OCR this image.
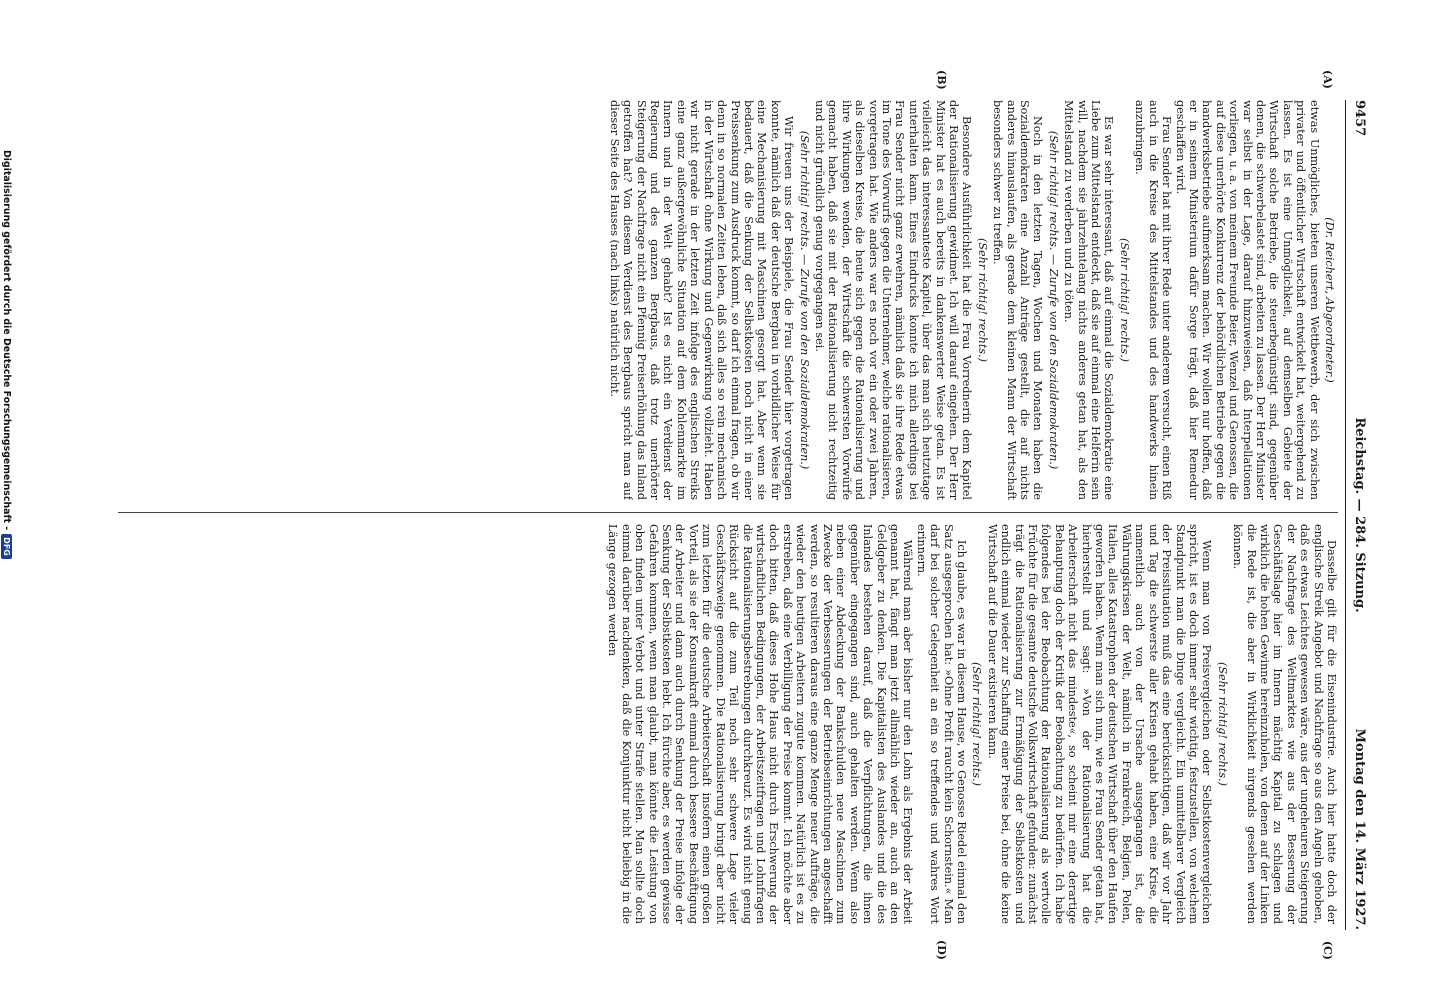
9457
Reichstag. — 284. Sitzung.
Montag den 14. März 1927.
(A)
(B)
(C)
(D)

(Dr. Reichert, Abgeordneter.)

etwas Unmögliches, bieten unseren Wettbewerb, der sich zwischen privater und öffentlicher Wirtschaft entwickelt hat, weitergehend zu lassen. Es ist eine Unmöglichkeit, auf demselben Gebiete der Wirtschaft solche Betriebe, die steuerbegünstigt sind, gegenüber denen, die schwerbelastet sind, arbeiten zu lassen. Der Herr Minister war selbst in der Lage, darauf hinzuweisen, daß Interpellationen vorliegen, u. a. von meinem Freunde Beier, Wenzel und Genossen, die auf diese unerhörte Konkurrenz der behördlichen Betriebe gegen die handwerksbetriebe aufmerksam machen. Wir wollen nur hoffen, daß er in seinem Ministerium dafür Sorge trägt, daß hier Remedur geschaffen wird.

Frau Sender hat mit ihrer Rede unter anderem versucht, einen Riß auch in die Kreise des Mittelstandes und des handwerks hinein anzubringen.

(Sehr richtig! rechts.)

Es war sehr interessant, daß auf einmal die Sozialdemokratie eine Liebe zum Mittelstand entdeckt, daß sie auf einmal eine Helferin sein will, nachdem sie jahrzehntelang nichts anderes getan hat, als den Mittelstand zu verderben und zu töten.

(Sehr richtig! rechts. — Zurufe von den Sozialdemokraten.)

Noch in den letzten Tagen, Wochen und Monaten haben die Sozialdemokraten eine Anzahl Anträge gestellt, die auf nichts anderes hinauslaufen, als gerade dem kleinen Mann der Wirtschaft besonders schwer zu treffen.

(Sehr richtig! rechts.)

Besondere Ausführlichkeit hat die Frau Vorrednerin dem Kapitel der Rationalisierung gewidmet. Ich will darauf eingehen. Der Herr Minister hat es auch bereits in dankenswerter Weise getan. Es ist vielleicht das interessanteste Kapitel, über das man sich heutzutage unterhalten kann. Eines Eindrucks konnte ich mich allerdings bei Frau Sender nicht ganz erwehren, nämlich daß sie ihre Rede etwas im Tone des Vorwurfs gegen die Unternehmer, welche rationalisieren, vorgetragen hat. Wie anders war es noch vor ein oder zwei Jahren, als dieselben Kreise, die heute sich gegen die Rationalisierung und ihre Wirkungen wenden, der Wirtschaft die schwersten Vorwürfe gemacht haben, daß sie mit der Rationalisierung nicht rechtzeitig und nicht gründlich genug vorgegangen sei.

(Sehr richtig! rechts. — Zurufe von den Sozialdemokraten.)

Wir freuen uns der Beispiele, die Frau Sender hier vorgetragen konnte, nämlich daß der deutsche Bergbau in vorbildlicher Weise für eine Mechanisierung mit Maschinen gesorgt hat. Aber wenn sie bedauert, daß die Senkung der Selbstkosten noch nicht in einer Preissenkung zum Ausdruck kommt, so darf ich einmal fragen, ob wir denn in so normalen Zeiten leben, daß sich alles so rein mechanisch in der Wirtschaft ohne Wirkung und Gegenwirkung vollzieht. Haben wir nicht gerade in der letzten Zeit infolge des englischen Streiks eine ganz außergewöhnliche Situation auf dem Kohlenmarkte im Innern und in der Welt gehabt? Ist es nicht ein Verdienst der Regierung und des ganzen Bergbaus, daß trotz unerhörter Steigerung der Nachfrage nicht ein Pfennig Preiserhöhung das Inland getroffen hat? Von diesem Verdienst des Bergbaus spricht man auf dieser Seite des Hauses (nach links) natürlich nicht.

Dasselbe gilt für die Eisenindustrie. Auch hier hatte doch der englische Streik Angebot und Nachfrage so aus den Angeln gehoben, daß es etwas Leichtes gewesen wäre, aus der ungeheuren Steigerung der Nachfrage des Weltmarktes wie aus der Besserung der Geschäftslage hier im Innern mächtig Kapital zu schlagen und wirklich die hohen Gewinne hereinzuholen, von denen auf der Linken die Rede ist, die aber in Wirklichkeit nirgends gesehen werden können.

(Sehr richtig! rechts.)

Wenn man von Preisvergleichen oder Selbstkostenvergleichen spricht, ist es doch immer sehr wichtig, festzustellen, von welchem Standpunkt man die Dinge vergleicht. Ein unmittelbarer Vergleich der Preissituation muß das eine berücksichtigen, daß wir vor Jahr und Tag die schwerste aller Krisen gehabt haben, eine Krise, die namentlich auch von der Ursache ausgegangen ist, die Währungskrisen der Welt, nämlich in Frankreich, Belgien, Polen, Italien, alles Katastrophen der deutschen Wirtschaft über den Haufen geworfen haben. Wenn man sich nun, wie es Frau Sender getan hat, hierherstellt und sagt: »Von der Rationalisierung hat die Arbeiterschaft nicht das mindeste«, so scheint mir eine derartige Behauptung doch der Kritik der Beobachtung zu bedürfen. Ich habe folgendes bei der Beobachtung der Rationalisierung als wertvolle Früchte für die gesamte deutsche Volkswirtschaft gefunden: zunächst trägt die Rationalisierung zur Ermäßigung der Selbstkosten und endlich einmal wieder zur Schaffung einer Preise bei, ohne die keine Wirtschaft auf die Dauer existieren kann.

(Sehr richtig! rechts.)

Ich glaube, es war in diesem Hause, wo Genosse Riedel einmal den Satz ausgesprochen hat: »Ohne Profit raucht kein Schornstein.« Man darf bei solcher Gelegenheit an ein so treffendes und wahres Wort erinnern.

Während man aber bisher nur den Lohn als Ergebnis der Arbeit genannt hat, fängt man jetzt allmählich wieder an, auch an den Geldgeber zu denken. Die Kapitalisten des Auslandes und die des Inlandes bestehen darauf, daß die Verpflichtungen, die ihnen gegenüber eingegangen sind, auch gehalten werden. Wenn also neben einer Abdeckung der Bankschulden neue Maschinen zum Zwecke der Verbesserungen der Betriebseinrichtungen angeschafft werden, so resultieren daraus eine ganze Menge neuer Aufträge, die wieder den heutigen Arbeitern zugute kommen. Natürlich ist es zu erstreben, daß eine Verbilligung der Preise kommt. Ich möchte aber doch bitten, daß dieses Hohe Haus nicht durch Erschwerung der wirtschaftlichen Bedingungen, der Arbeitszeitfragen und Lohnfragen die Rationalisierungsbestrebungen durchkreuzt. Es wird nicht genug Rücksicht auf die zum Teil noch sehr schwere Lage vieler Geschäftszweige genommen. Die Rationalisierung bringt aber nicht zum letzten für die deutsche Arbeiterschaft insofern einen großen Vorteil, als sie der Konsumkraft einmal durch bessere Beschäftigung der Arbeiter und dann auch durch Senkung der Preise infolge der Senkung der Selbstkosten hebt. Ich fürchte aber, es werden gewisse Gefahren kommen, wenn man glaubt, man könnte die Leistung von oben finden unter Verbot und unter Strafe stellen. Man sollte doch einmal darüber nachdenken, daß die Konjunktur nicht beliebig in die Länge gezogen werden

Digitalisierung gefördert durch die Deutsche Forschungsgemeinschaft -
DFG
